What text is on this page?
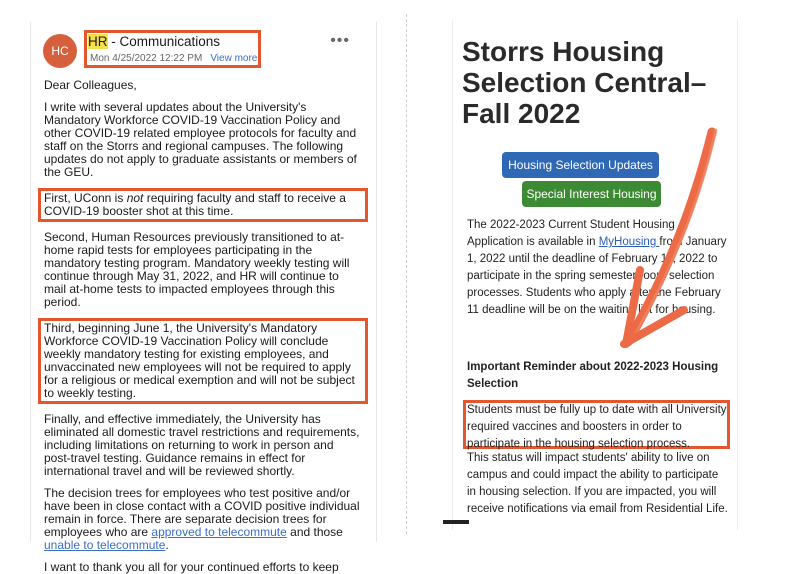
HC
HR - Communications
Mon 4/25/2022 12:22 PM View more
•••

Dear Colleagues,

I write with several updates about the University's Mandatory Workforce COVID-19 Vaccination Policy and other COVID-19 related employee protocols for faculty and staff on the Storrs and regional campuses. The following updates do not apply to graduate assistants or members of the GEU.

First, UConn is not requiring faculty and staff to receive a COVID-19 booster shot at this time.

Second, Human Resources previously transitioned to at-home rapid tests for employees participating in the mandatory testing program. Mandatory weekly testing will continue through May 31, 2022, and HR will continue to mail at-home tests to impacted employees through this period.

Third, beginning June 1, the University's Mandatory Workforce COVID-19 Vaccination Policy will conclude weekly mandatory testing for existing employees, and unvaccinated new employees will not be required to apply for a religious or medical exemption and will not be subject to weekly testing.

Finally, and effective immediately, the University has eliminated all domestic travel restrictions and requirements, including limitations on returning to work in person and post-travel testing. Guidance remains in effect for international travel and will be reviewed shortly.

The decision trees for employees who test positive and/or have been in close contact with a COVID positive individual remain in force. There are separate decision trees for employees who are approved to telecommute and those unable to telecommute.

I want to thank you all for your continued efforts to keep

Storrs Housing Selection Central– Fall 2022
Housing Selection Updates
Special Interest Housing
The 2022-2023 Current Student Housing Application is available in MyHousing from January 1, 2022 until the deadline of February 11, 2022 to participate in the spring semester room selection processes. Students who apply after the February 11 deadline will be on the waiting list for housing.
Important Reminder about 2022-2023 Housing Selection
Students must be fully up to date with all University required vaccines and boosters in order to participate in the housing selection process.
This status will impact students' ability to live on campus and could impact the ability to participate in housing selection. If you are impacted, you will receive notifications via email from Residential Life.
